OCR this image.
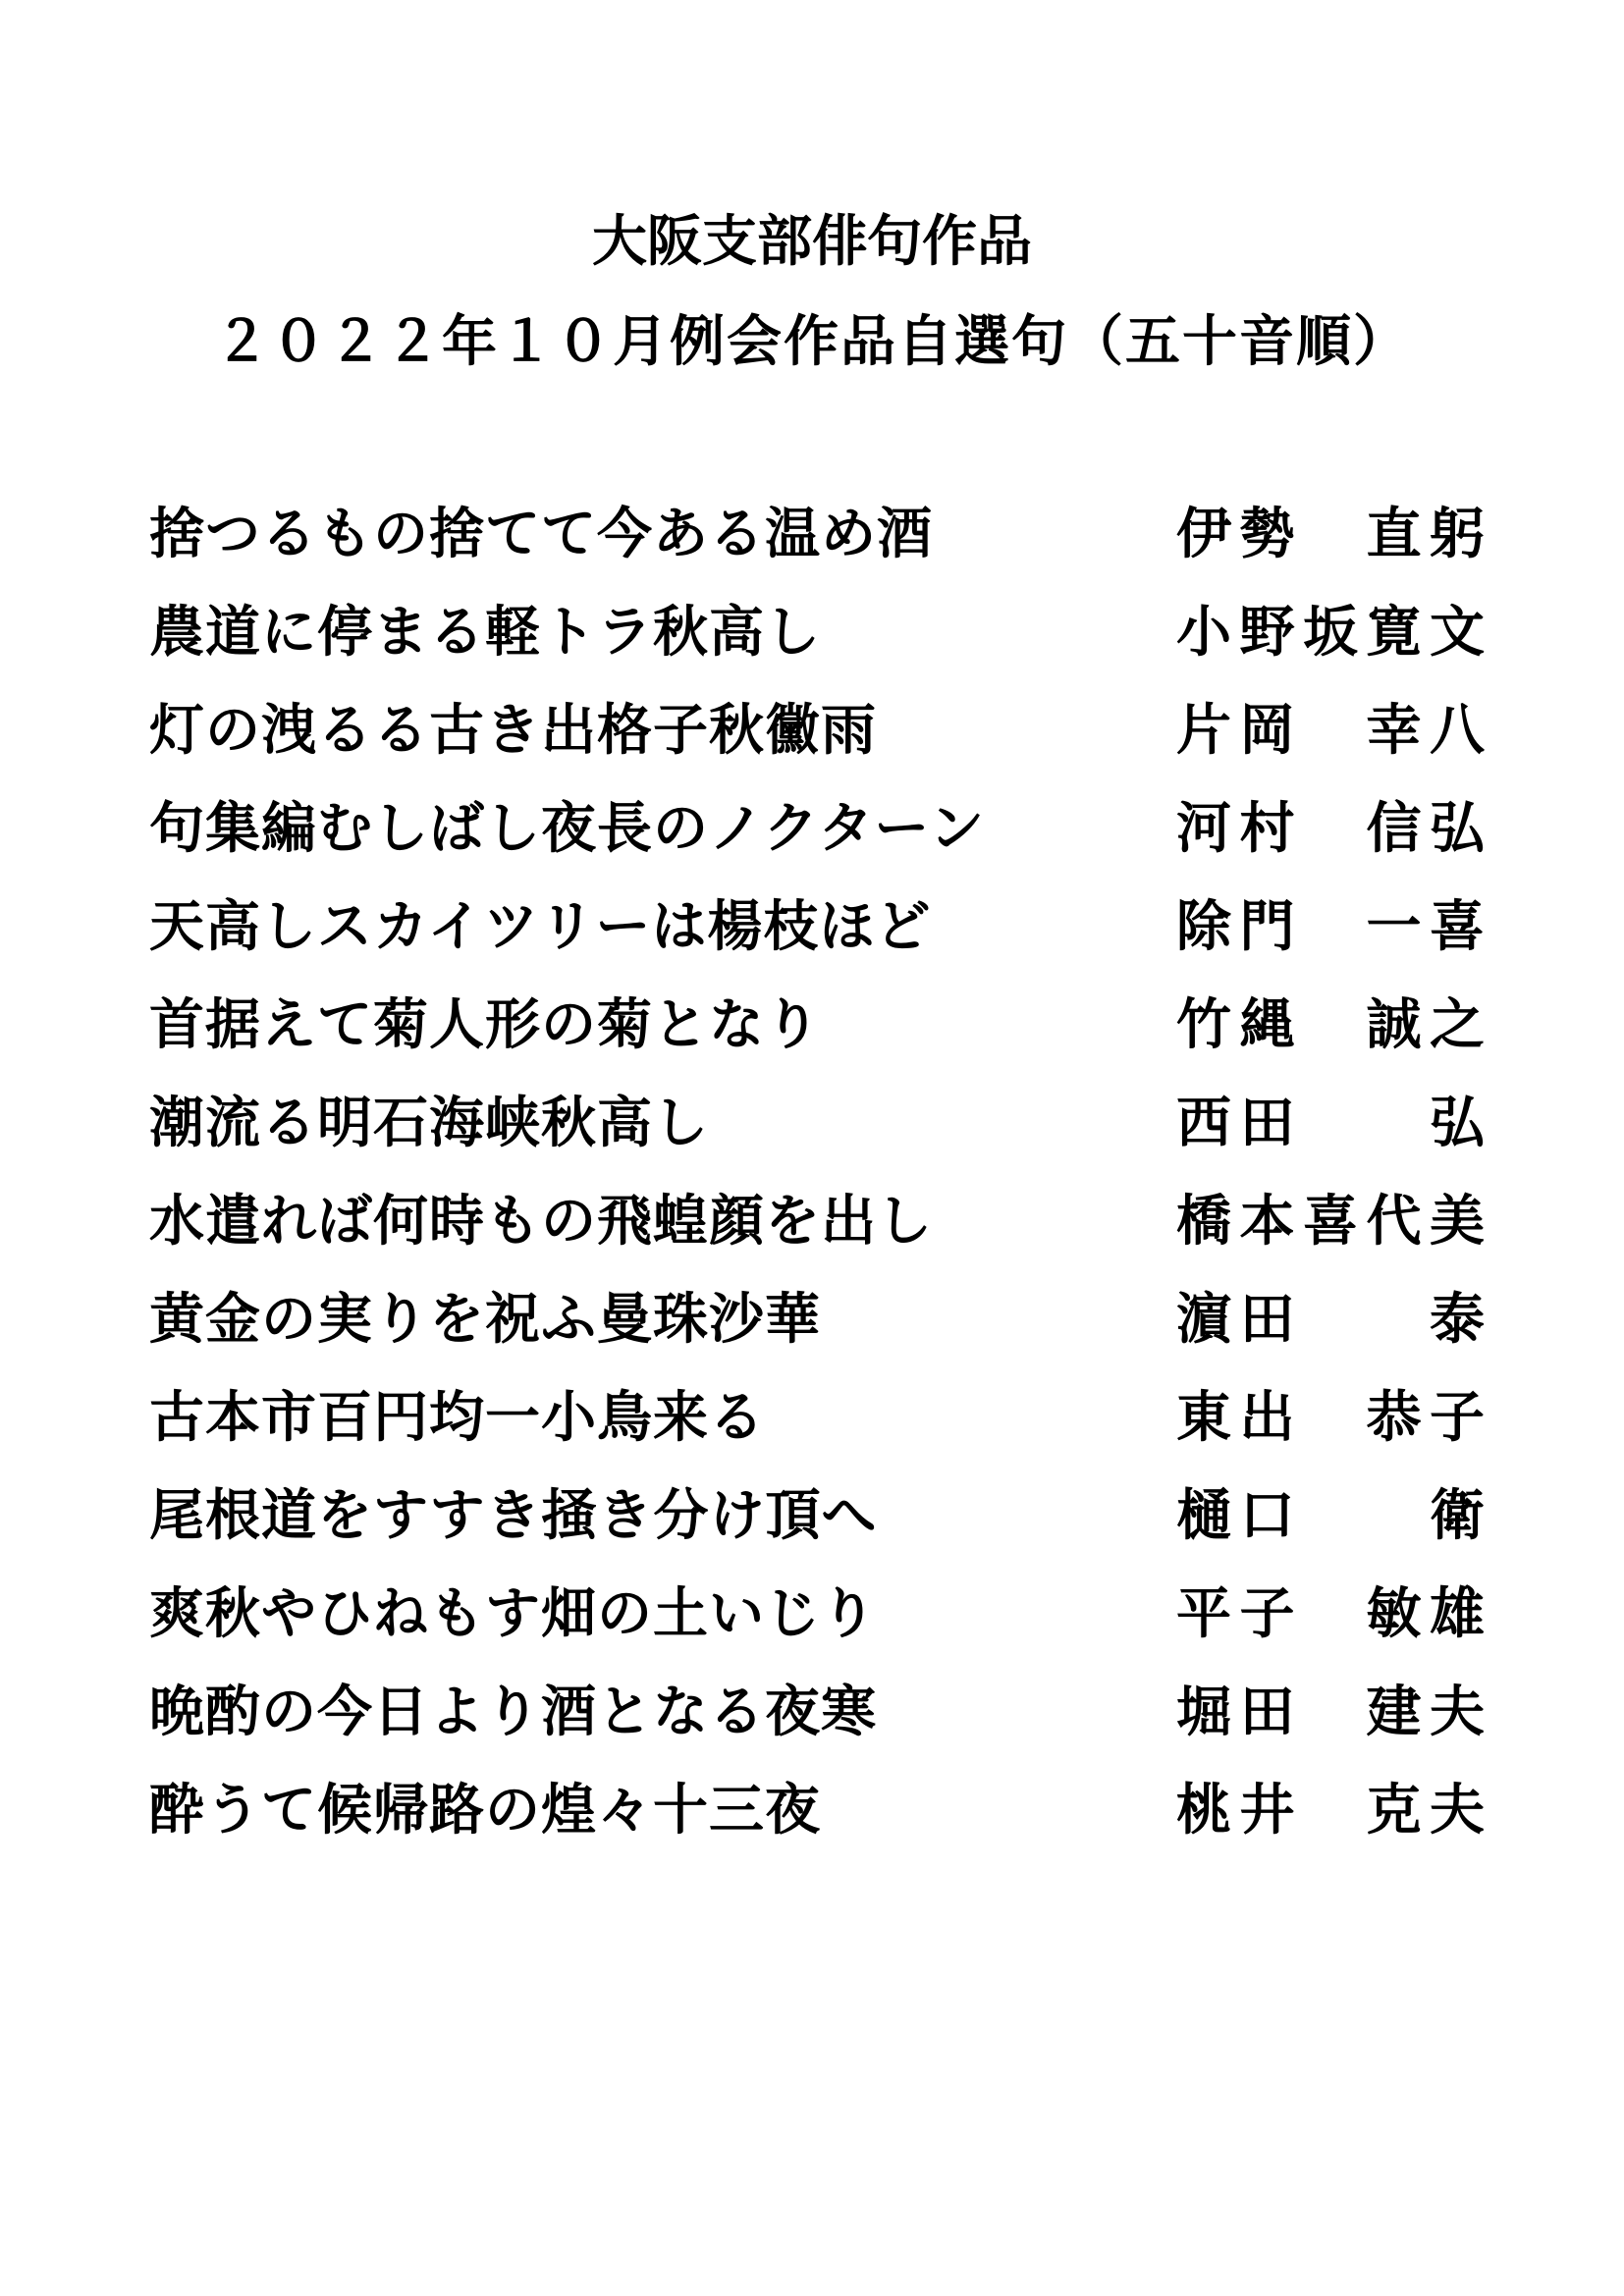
大阪支部俳句作品
２０２２年１０月例会作品自選句（五十音順）
捨つるもの捨てて今ある温め酒	伊勢　直躬
農道に停まる軽トラ秋高し	小野坂寛文
灯の洩るる古き出格子秋黴雨	片岡　幸八
句集編むしばし夜長のノクターン	河村　信弘
天高しスカイツリーは楊枝ほど	除門　一喜
首据えて菊人形の菊となり	竹縄　誠之
潮流る明石海峡秋高し	西田　　弘
水遣れば何時もの飛蝗顔を出し	橋本喜代美
黄金の実りを祝ふ曼珠沙華	濵田　　泰
古本市百円均一小鳥来る	東出　恭子
尾根道をすすき掻き分け頂へ	樋口　　衛
爽秋やひねもす畑の土いじり	平子　敏雄
晩酌の今日より酒となる夜寒	堀田　建夫
酔うて候帰路の煌々十三夜	桃井　克夫
